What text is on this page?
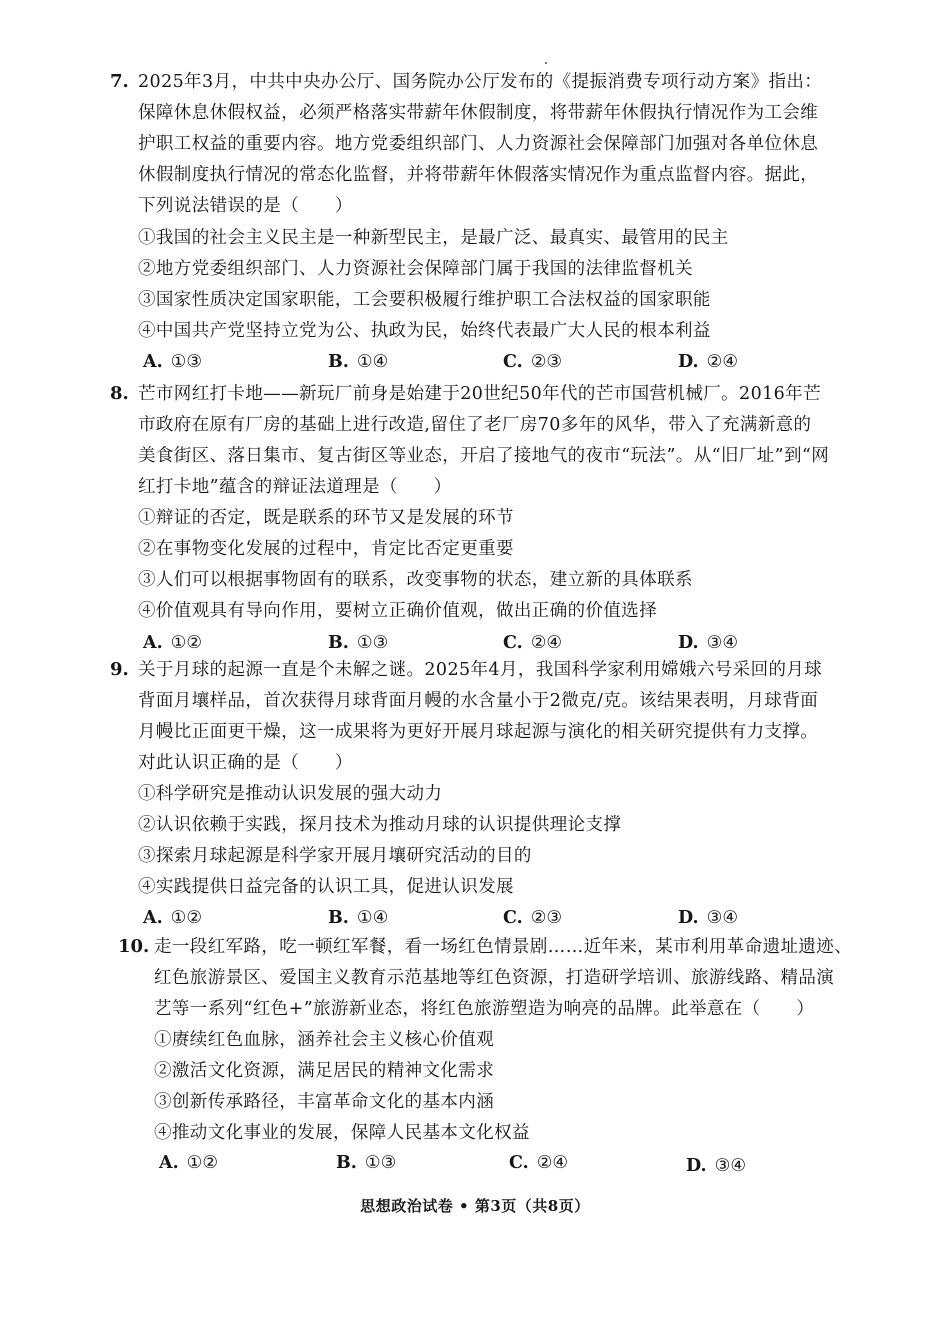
7. 2025年3月，中共中央办公厅、国务院办公厅发布的《提振消费专项行动方案》指出：
保障休息休假权益，必须严格落实带薪年休假制度，将带薪年休假执行情况作为工会维
护职工权益的重要内容。地方党委组织部门、人力资源社会保障部门加强对各单位休息
休假制度执行情况的常态化监督，并将带薪年休假落实情况作为重点监督内容。据此，
下列说法错误的是（　　）
①我国的社会主义民主是一种新型民主，是最广泛、最真实、最管用的民主
②地方党委组织部门、人力资源社会保障部门属于我国的法律监督机关
③国家性质决定国家职能，工会要积极履行维护职工合法权益的国家职能
④中国共产党坚持立党为公、执政为民，始终代表最广大人民的根本利益
A. ①③	B. ①④	C. ②③	D. ②④
8. 芒市网红打卡地——新玩厂前身是始建于20世纪50年代的芒市国营机械厂。2016年芒
市政府在原有厂房的基础上进行改造,留住了老厂房70多年的风华，带入了充满新意的
美食街区、落日集市、复古街区等业态，开启了接地气的夜市“玩法”。从“旧厂址”到“网
红打卡地”蕴含的辩证法道理是（　　）
①辩证的否定，既是联系的环节又是发展的环节
②在事物变化发展的过程中，肯定比否定更重要
③人们可以根据事物固有的联系，改变事物的状态，建立新的具体联系
④价值观具有导向作用，要树立正确价值观，做出正确的价值选择
A. ①②	B. ①③	C. ②④	D. ③④
9. 关于月球的起源一直是个未解之谜。2025年4月，我国科学家利用嫦娥六号采回的月球
背面月壤样品，首次获得月球背面月幔的水含量小于2微克/克。该结果表明，月球背面
月幔比正面更干燥，这一成果将为更好开展月球起源与演化的相关研究提供有力支撑。
对此认识正确的是（　　）
①科学研究是推动认识发展的强大动力
②认识依赖于实践，探月技术为推动月球的认识提供理论支撑
③探索月球起源是科学家开展月壤研究活动的目的
④实践提供日益完备的认识工具，促进认识发展
A. ①②	B. ①④	C. ②③	D. ③④
10. 走一段红军路，吃一顿红军餐，看一场红色情景剧……近年来，某市利用革命遗址遗迹、
红色旅游景区、爱国主义教育示范基地等红色资源，打造研学培训、旅游线路、精品演
艺等一系列“红色+”旅游新业态，将红色旅游塑造为响亮的品牌。此举意在（　　）
①赓续红色血脉，涵养社会主义核心价值观
②激活文化资源，满足居民的精神文化需求
③创新传承路径，丰富革命文化的基本内涵
④推动文化事业的发展，保障人民基本文化权益
A. ①②	B. ①③	C. ②④	D. ③④
思想政治试卷 • 第3页（共8页）
